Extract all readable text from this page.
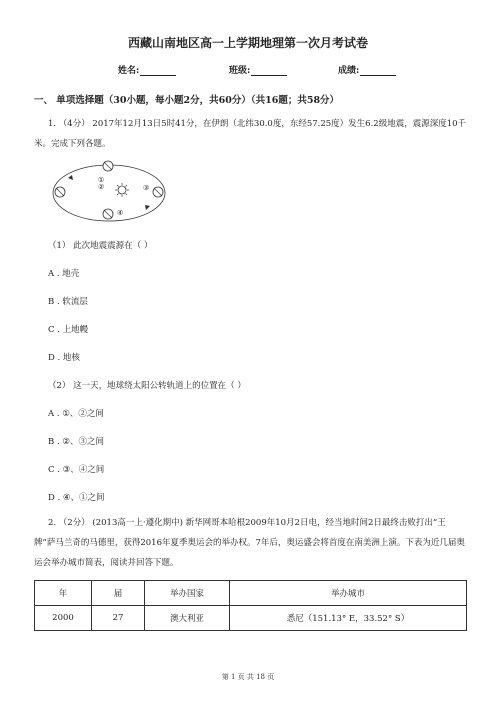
西藏山南地区高一上学期地理第一次月考试卷
姓名:	班级:	成绩:
一、 单项选择题（30小题，每小题2分，共60分）（共16题；共58分）
1. （4分） 2017年12月13日5时41分，在伊朗（北纬30.0度，东经57.25度）发生6.2级地震，震源深度10千米。完成下列各题。
①
②	③
④
（1） 此次地震震源在（ ）
A . 地壳
B . 软流层
C . 上地幔
D . 地核
（2） 这一天，地球绕太阳公转轨道上的位置在（ ）
A . ①、②之间
B . ②、③之间
C . ③、④之间
D . ④、①之间
2. （2分） (2013高一上·遵化期中) 新华网哥本哈根2009年10月2日电，经当地时间2日最终击败打出“王牌”萨马兰奇的马德里，获得2016年夏季奥运会的举办权。7年后，奥运盛会将首度在南美洲上演。下表为近几届奥运会举办城市简表，阅读并回答下题。
年	届	举办国家	举办城市
2000	27	澳大利亚	悉尼（151.13° E，33.52° S）
第 1 页 共 18 页
